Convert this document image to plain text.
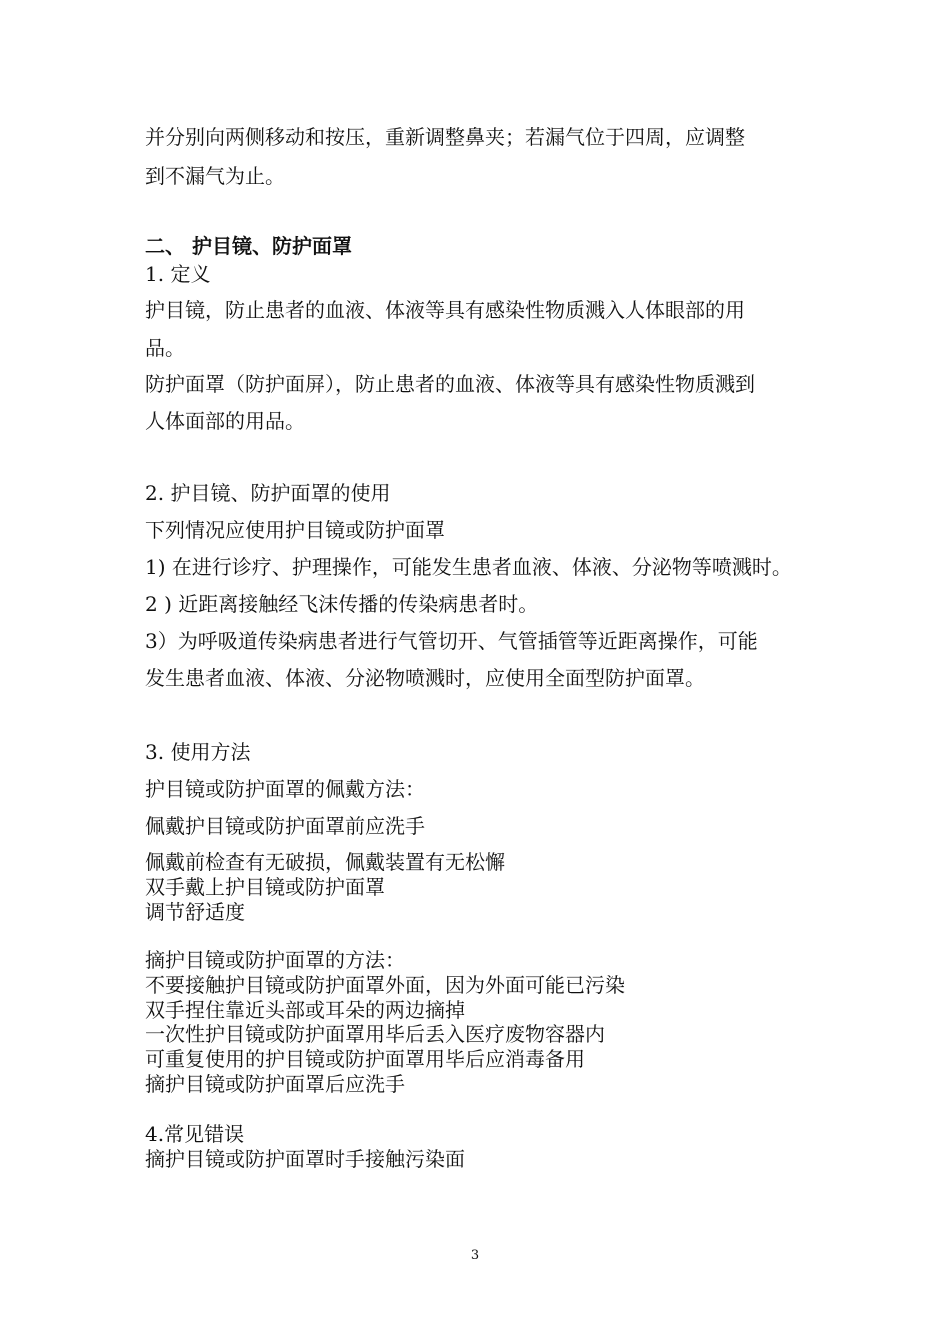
并分别向两侧移动和按压，重新调整鼻夹；若漏气位于四周，应调整
到不漏气为止。
二、 护目镜、防护面罩
1. 定义
护目镜，防止患者的血液、体液等具有感染性物质溅入人体眼部的用
品。
防护面罩（防护面屏），防止患者的血液、体液等具有感染性物质溅到
人体面部的用品。
2. 护目镜、防护面罩的使用
下列情况应使用护目镜或防护面罩
1) 在进行诊疗、护理操作，可能发生患者血液、体液、分泌物等喷溅时。
2 ) 近距离接触经飞沫传播的传染病患者时。
3）为呼吸道传染病患者进行气管切开、气管插管等近距离操作，可能
发生患者血液、体液、分泌物喷溅时，应使用全面型防护面罩。
3. 使用方法
护目镜或防护面罩的佩戴方法：
佩戴护目镜或防护面罩前应洗手
佩戴前检查有无破损，佩戴装置有无松懈
双手戴上护目镜或防护面罩
调节舒适度
摘护目镜或防护面罩的方法：
不要接触护目镜或防护面罩外面，因为外面可能已污染
双手捏住靠近头部或耳朵的两边摘掉
一次性护目镜或防护面罩用毕后丢入医疗废物容器内
可重复使用的护目镜或防护面罩用毕后应消毒备用
摘护目镜或防护面罩后应洗手
4.常见错误
摘护目镜或防护面罩时手接触污染面
3
